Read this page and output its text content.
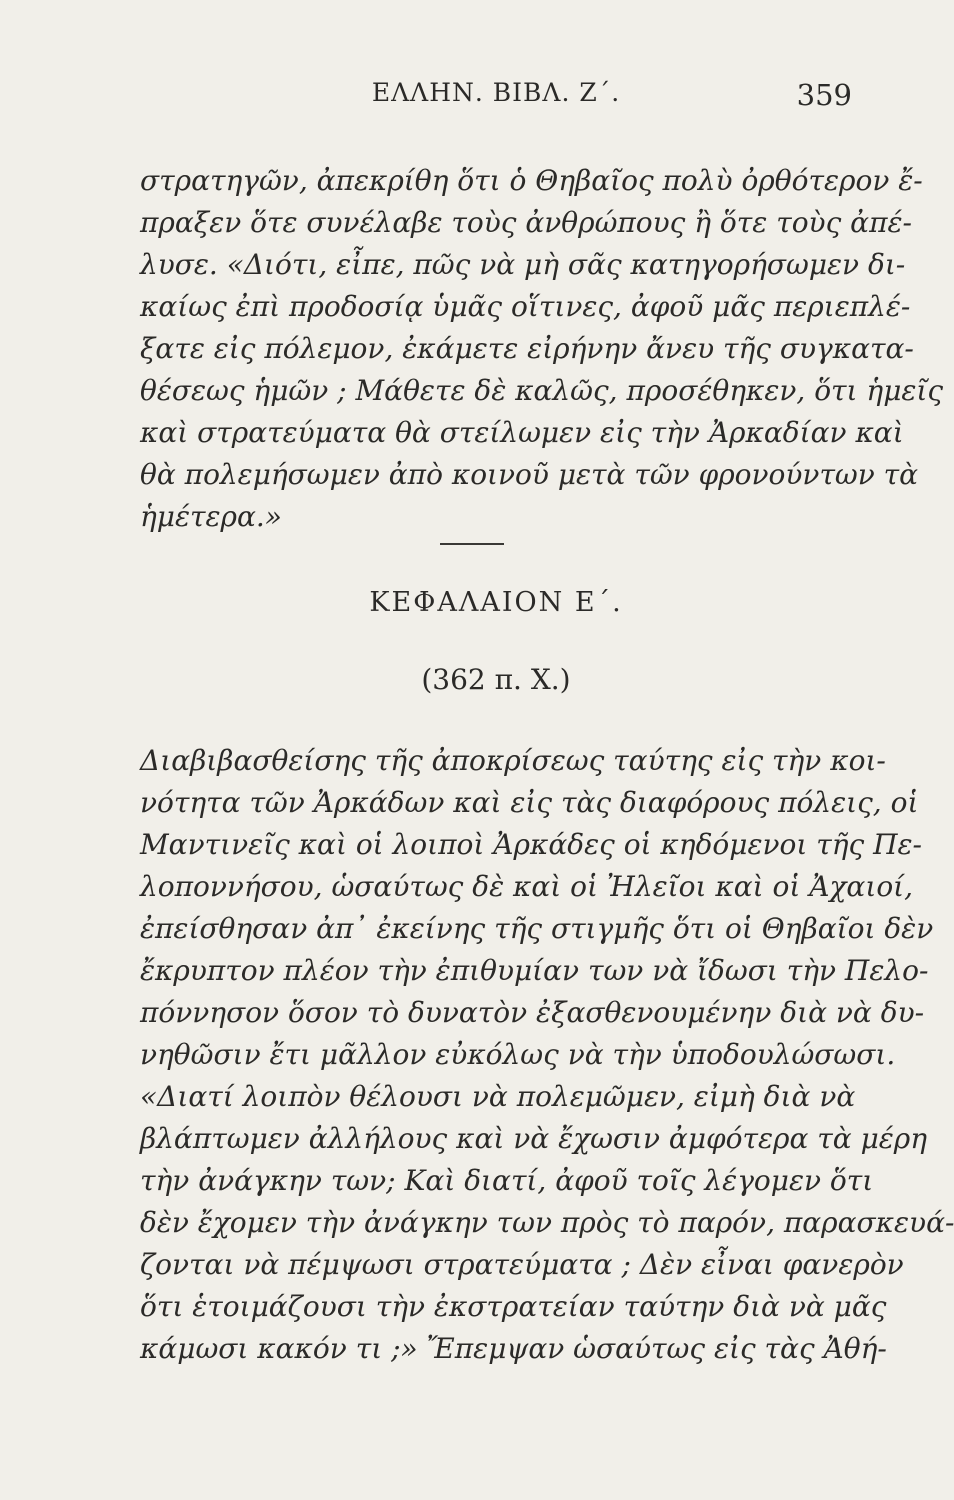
ΕΛΛΗΝ. ΒΙΒΛ. Ζ΄.	359
στρατηγῶν, ἀπεκρίθη ὅτι ὁ Θηβαῖος πολὺ ὀρθότερον ἔ-
πραξεν ὅτε συνέλαβε τοὺς ἀνθρώπους ἢ ὅτε τοὺς ἀπέ-
λυσε. «Διότι, εἶπε, πῶς νὰ μὴ σᾶς κατηγορήσωμεν δι-
καίως ἐπὶ προδοσίᾳ ὑμᾶς οἵτινες, ἀφοῦ μᾶς περιεπλέ-
ξατε εἰς πόλεμον, ἐκάμετε εἰρήνην ἄνευ τῆς συγκατα-
θέσεως ἡμῶν ; Μάθετε δὲ καλῶς, προσέθηκεν, ὅτι ἡμεῖς
καὶ στρατεύματα θὰ στείλωμεν εἰς τὴν Ἀρκαδίαν καὶ
θὰ πολεμήσωμεν ἀπὸ κοινοῦ μετὰ τῶν φρονούντων τὰ
ἡμέτερα.»
ΚΕΦΑΛΑΙΟΝ Ε΄.
(362 π. Χ.)
Διαβιβασθείσης τῆς ἀποκρίσεως ταύτης εἰς τὴν κοι-
νότητα τῶν Ἀρκάδων καὶ εἰς τὰς διαφόρους πόλεις, οἱ
Μαντινεῖς καὶ οἱ λοιποὶ Ἀρκάδες οἱ κηδόμενοι τῆς Πε-
λοποννήσου, ὡσαύτως δὲ καὶ οἱ Ἠλεῖοι καὶ οἱ Ἀχαιοί,
ἐπείσθησαν ἀπ᾽ ἐκείνης τῆς στιγμῆς ὅτι οἱ Θηβαῖοι δὲν
ἔκρυπτον πλέον τὴν ἐπιθυμίαν των νὰ ἴδωσι τὴν Πελο-
πόννησον ὅσον τὸ δυνατὸν ἐξασθενουμένην διὰ νὰ δυ-
νηθῶσιν ἔτι μᾶλλον εὐκόλως νὰ τὴν ὑποδουλώσωσι.
«Διατί λοιπὸν θέλουσι νὰ πολεμῶμεν, εἰμὴ διὰ νὰ
βλάπτωμεν ἀλλήλους καὶ νὰ ἔχωσιν ἀμφότερα τὰ μέρη
τὴν ἀνάγκην των; Καὶ διατί, ἀφοῦ τοῖς λέγομεν ὅτι
δὲν ἔχομεν τὴν ἀνάγκην των πρὸς τὸ παρόν, παρασκευά-
ζονται νὰ πέμψωσι στρατεύματα ; Δὲν εἶναι φανερὸν
ὅτι ἑτοιμάζουσι τὴν ἐκστρατείαν ταύτην διὰ νὰ μᾶς
κάμωσι κακόν τι ;» Ἔπεμψαν ὡσαύτως εἰς τὰς Ἀθή-
